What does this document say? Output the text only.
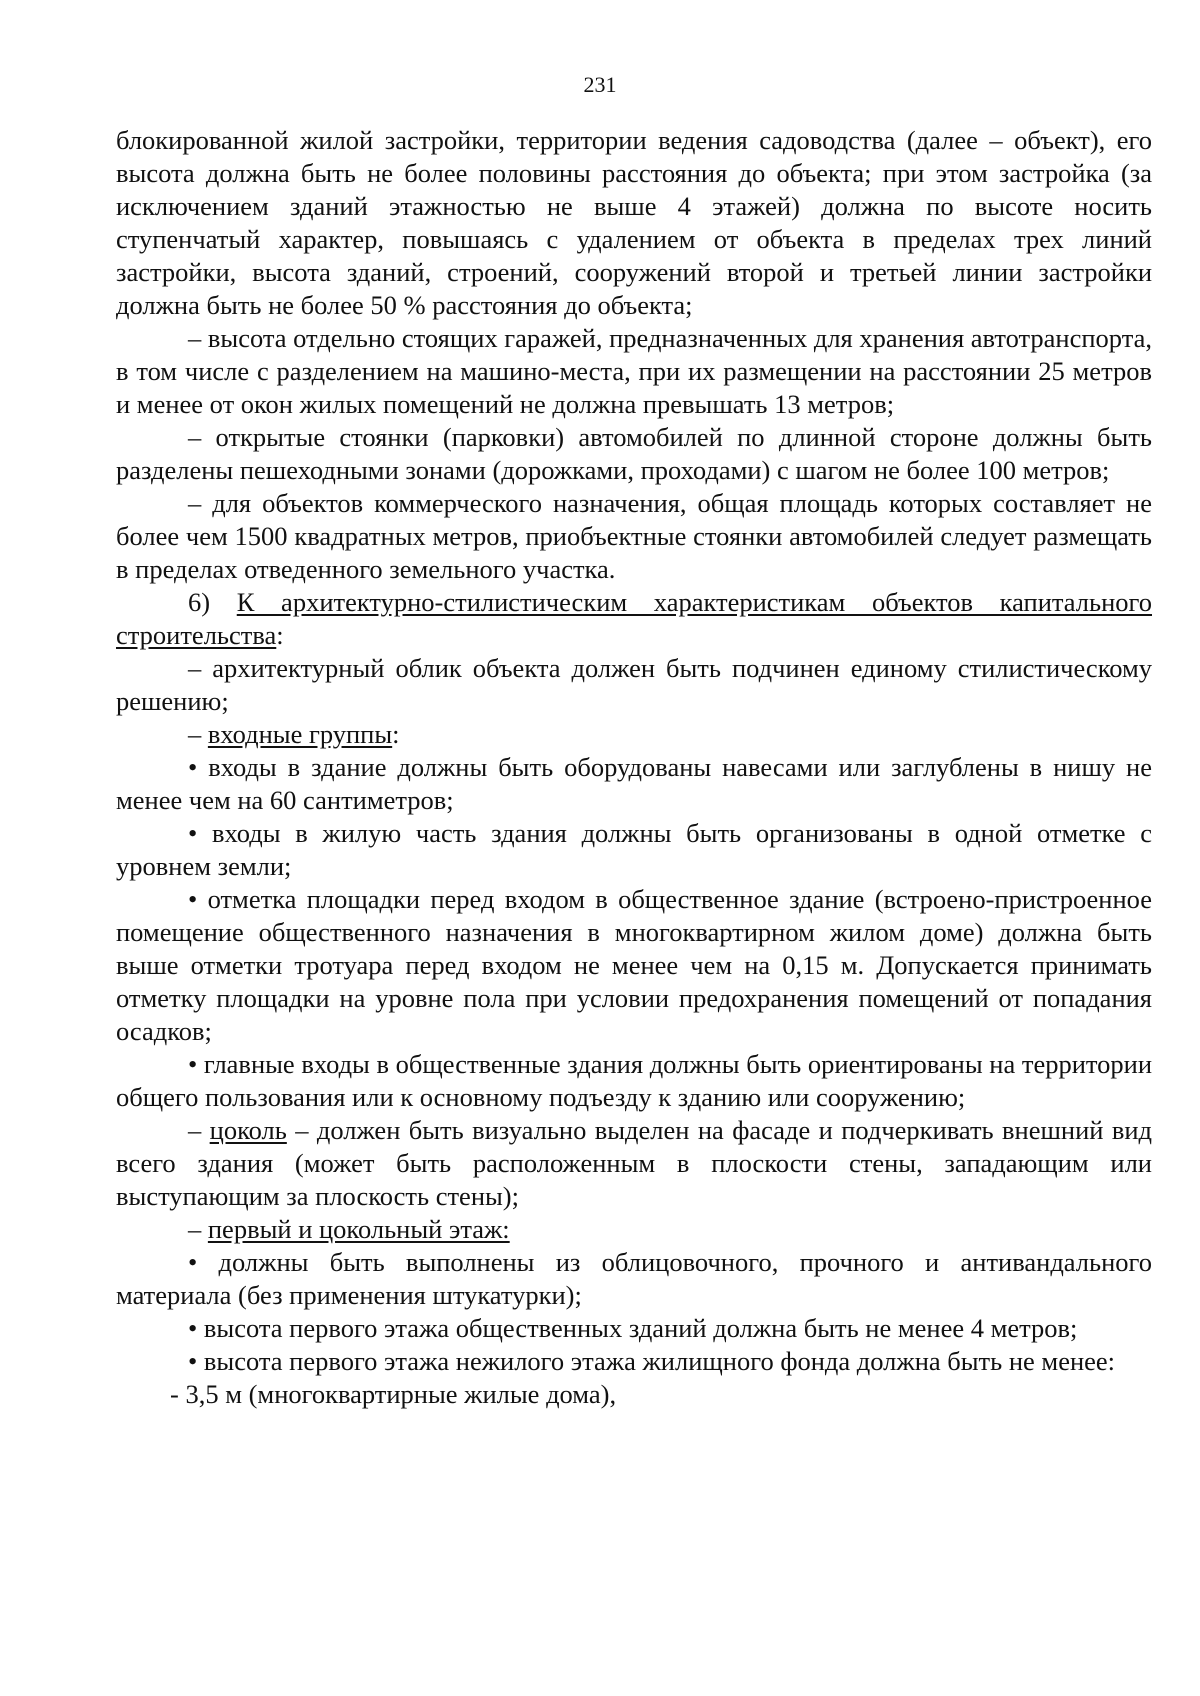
231

блокированной жилой застройки, территории ведения садоводства (далее – объект), его высота должна быть не более половины расстояния до объекта; при этом застройка (за исключением зданий этажностью не выше 4 этажей) должна по высоте носить ступенчатый характер, повышаясь с удалением от объекта в пределах трех линий застройки, высота зданий, строений, сооружений второй и третьей линии застройки должна быть не более 50 % расстояния до объекта;

– высота отдельно стоящих гаражей, предназначенных для хранения автотранспорта, в том числе с разделением на машино-места, при их размещении на расстоянии 25 метров и менее от окон жилых помещений не должна превышать 13 метров;

– открытые стоянки (парковки) автомобилей по длинной стороне должны быть разделены пешеходными зонами (дорожками, проходами) с шагом не более 100 метров;

– для объектов коммерческого назначения, общая площадь которых составляет не более чем 1500 квадратных метров, приобъектные стоянки автомобилей следует размещать в пределах отведенного земельного участка.

6) К архитектурно-стилистическим характеристикам объектов капитального строительства:

– архитектурный облик объекта должен быть подчинен единому стилистическому решению;

– входные группы:

• входы в здание должны быть оборудованы навесами или заглублены в нишу не менее чем на 60 сантиметров;

• входы в жилую часть здания должны быть организованы в одной отметке с уровнем земли;

• отметка площадки перед входом в общественное здание (встроено-пристроенное помещение общественного назначения в многоквартирном жилом доме) должна быть выше отметки тротуара перед входом не менее чем на 0,15 м. Допускается принимать отметку площадки на уровне пола при условии предохранения помещений от попадания осадков;

• главные входы в общественные здания должны быть ориентированы на территории общего пользования или к основному подъезду к зданию или сооружению;

– цоколь – должен быть визуально выделен на фасаде и подчеркивать внешний вид всего здания (может быть расположенным в плоскости стены, западающим или выступающим за плоскость стены);

– первый и цокольный этаж:

• должны быть выполнены из облицовочного, прочного и антивандального материала (без применения штукатурки);

• высота первого этажа общественных зданий должна быть не менее 4 метров;

• высота первого этажа нежилого этажа жилищного фонда должна быть не менее:

- 3,5 м (многоквартирные жилые дома),
